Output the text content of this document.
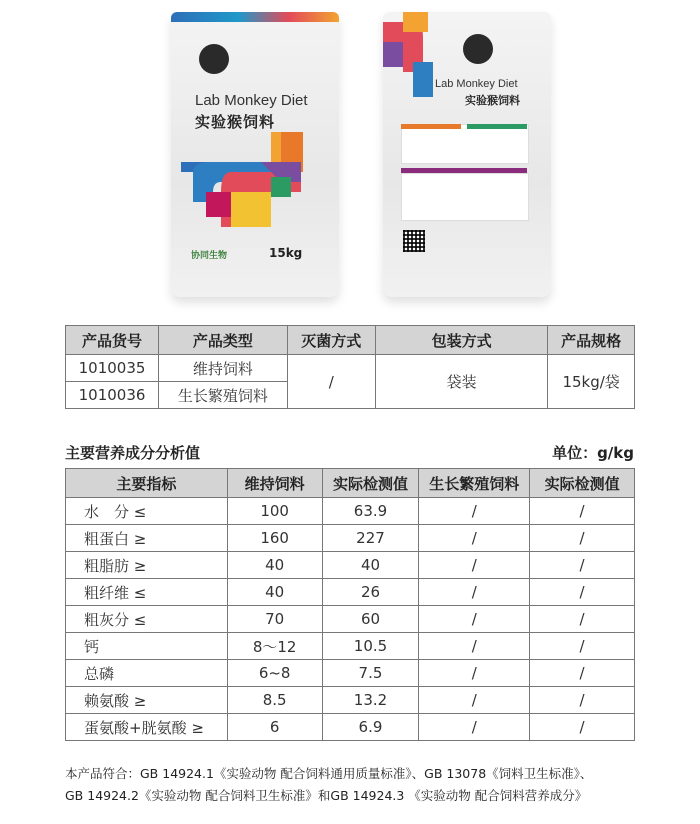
Lab Monkey Diet
实验猴饲料
协同生物	15kg
Lab Monkey Diet
实验猴饲料
产品货号	产品类型	灭菌方式	包装方式	产品规格
1010035	维持饲料	/	袋装	15kg/袋
1010036	生长繁殖饲料			
主要营养成分分析值	单位：g/kg
主要指标	维持饲料	实际检测值	生长繁殖饲料	实际检测值
水　分 ≤	100	63.9	/	/
粗蛋白 ≥	160	227	/	/
粗脂肪 ≥	40	40	/	/
粗纤维 ≤	40	26	/	/
粗灰分 ≤	70	60	/	/
钙	8～12	10.5	/	/
总磷	6~8	7.5	/	/
赖氨酸 ≥	8.5	13.2	/	/
蛋氨酸+胱氨酸 ≥	6	6.9	/	/
本产品符合：GB 14924.1《实验动物 配合饲料通用质量标准》、GB 13078《饲料卫生标准》、
GB 14924.2《实验动物 配合饲料卫生标准》和GB 14924.3 《实验动物 配合饲料营养成分》
